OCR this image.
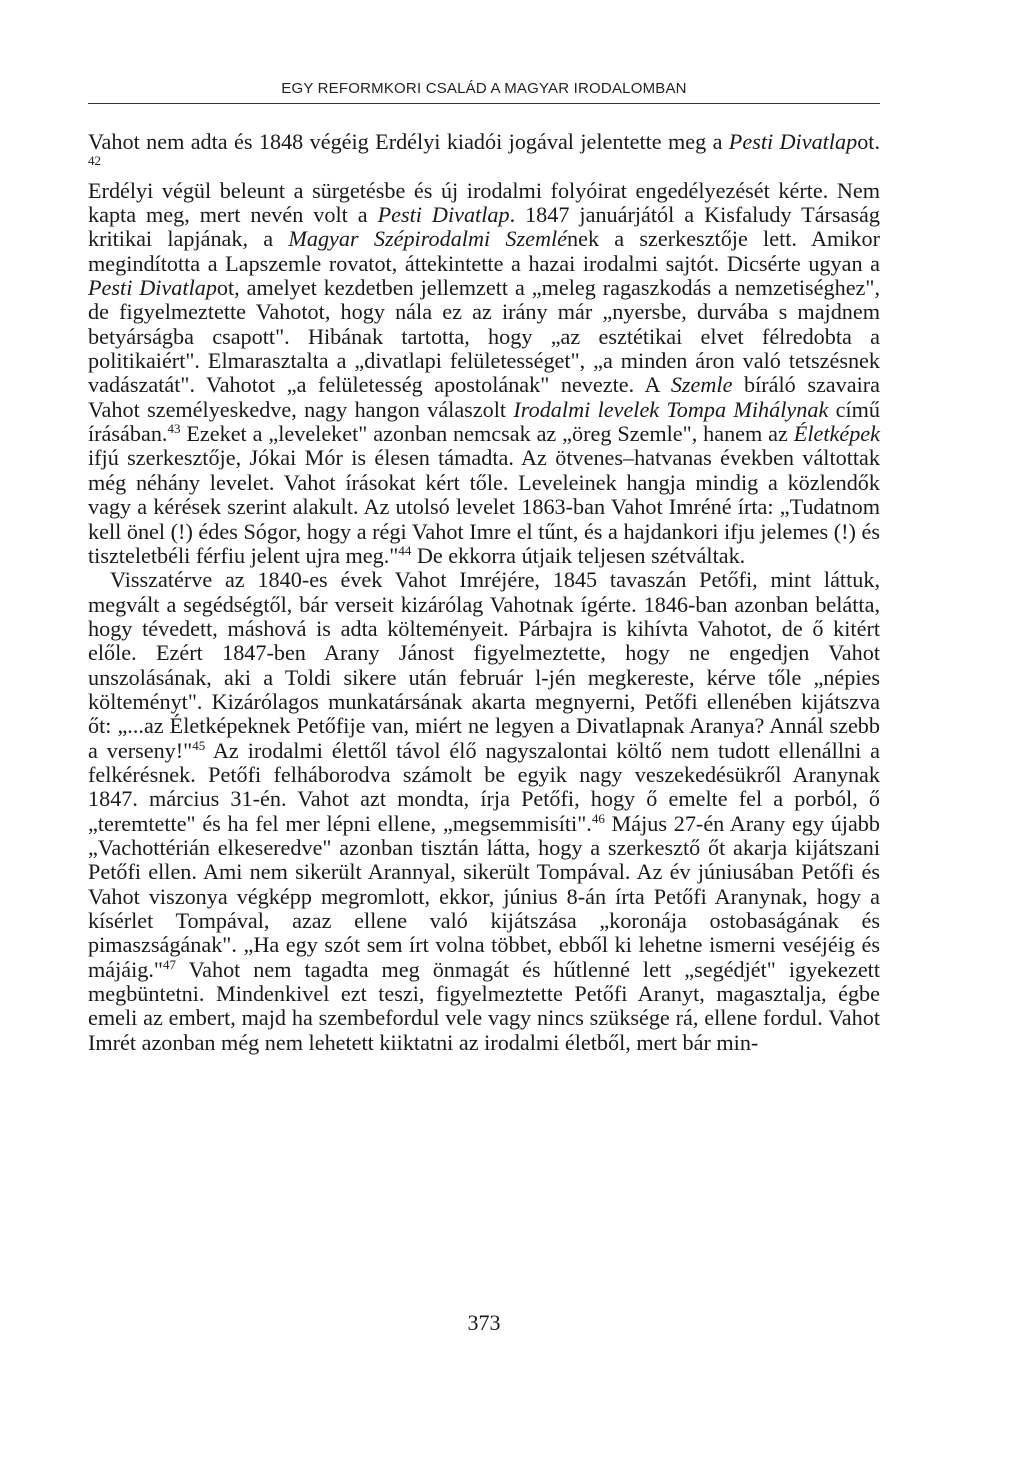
EGY REFORMKORI CSALÁD A MAGYAR IRODALOMBAN

Vahot nem adta és 1848 végéig Erdélyi kiadói jogával jelentette meg a Pesti Divatlapot. $^{42}$

Erdélyi végül beleunt a sürgetésbe és új irodalmi folyóirat engedélyezését kérte. Nem kapta meg, mert nevén volt a Pesti Divatlap. 1847 januárjától a Kisfaludy Társaság kritikai lapjának, a Magyar Szépirodalmi Szemlének a szerkesztője lett. Amikor megindította a Lapszemle rovatot, áttekintette a hazai irodalmi sajtót. Dicsérte ugyan a Pesti Divatlapot, amelyet kezdetben jellemzett a „meleg ragaszkodás a nemzetiséghez", de figyelmeztette Vahotot, hogy nála ez az irány már „nyersbe, durvába s majdnem betyárságba csapott". Hibának tartotta, hogy „az esztétikai elvet félredobta a politikaiért". Elmarasztalta a „divatlapi felületességet", „a minden áron való tetszésnek vadászatát". Vahotot „a felületesség apostolának" nevezte. A Szemle bíráló szavaira Vahot személyeskedve, nagy hangon válaszolt Irodalmi levelek Tompa Mihálynak című írásában.$^{43}$ Ezeket a „leveleket" azonban nemcsak az „öreg Szemle", hanem az Életképek ifjú szerkesztője, Jókai Mór is élesen támadta. Az ötvenes–hatvanas években váltottak még néhány levelet. Vahot írásokat kért tőle. Leveleinek hangja mindig a közlendők vagy a kérések szerint alakult. Az utolsó levelet 1863-ban Vahot Imréné írta: „Tudatnom kell önel (!) édes Sógor, hogy a régi Vahot Imre el tűnt, és a hajdankori ifju jelemes (!) és tiszteletbéli férfiu jelent ujra meg."$^{44}$ De ekkorra útjaik teljesen szétváltak.

Visszatérve az 1840-es évek Vahot Imréjére, 1845 tavaszán Petőfi, mint láttuk, megvált a segédségtől, bár verseit kizárólag Vahotnak ígérte. 1846-ban azonban belátta, hogy tévedett, máshová is adta költeményeit. Párbajra is kihívta Vahotot, de ő kitért előle. Ezért 1847-ben Arany Jánost figyelmeztette, hogy ne engedjen Vahot unszolásának, aki a Toldi sikere után február l-jén megkereste, kérve tőle „népies költeményt". Kizárólagos munkatársának akarta megnyerni, Petőfi ellenében kijátszva őt: „...az Életképeknek Petőfije van, miért ne legyen a Divatlapnak Aranya? Annál szebb a verseny!"$^{45}$ Az irodalmi élettől távol élő nagyszalontai költő nem tudott ellenállni a felkérésnek. Petőfi felháborodva számolt be egyik nagy veszekedésükről Aranynak 1847. március 31-én. Vahot azt mondta, írja Petőfi, hogy ő emelte fel a porból, ő „teremtette" és ha fel mer lépni ellene, „megsemmisíti".$^{46}$ Május 27-én Arany egy újabb „Vachottérián elkeseredve" azonban tisztán látta, hogy a szerkesztő őt akarja kijátszani Petőfi ellen. Ami nem sikerült Arannyal, sikerült Tompával. Az év júniusában Petőfi és Vahot viszonya végképp megromlott, ekkor, június 8-án írta Petőfi Aranynak, hogy a kísérlet Tompával, azaz ellene való kijátszása „koronája ostobaságának és pimaszságának". „Ha egy szót sem írt volna többet, ebből ki lehetne ismerni veséjéig és májáig."$^{47}$ Vahot nem tagadta meg önmagát és hűtlenné lett „segédjét" igyekezett megbüntetni. Mindenkivel ezt teszi, figyelmeztette Petőfi Aranyt, magasztalja, égbe emeli az embert, majd ha szembefordul vele vagy nincs szüksége rá, ellene fordul. Vahot Imrét azonban még nem lehetett kiiktatni az irodalmi életből, mert bár min-

373
